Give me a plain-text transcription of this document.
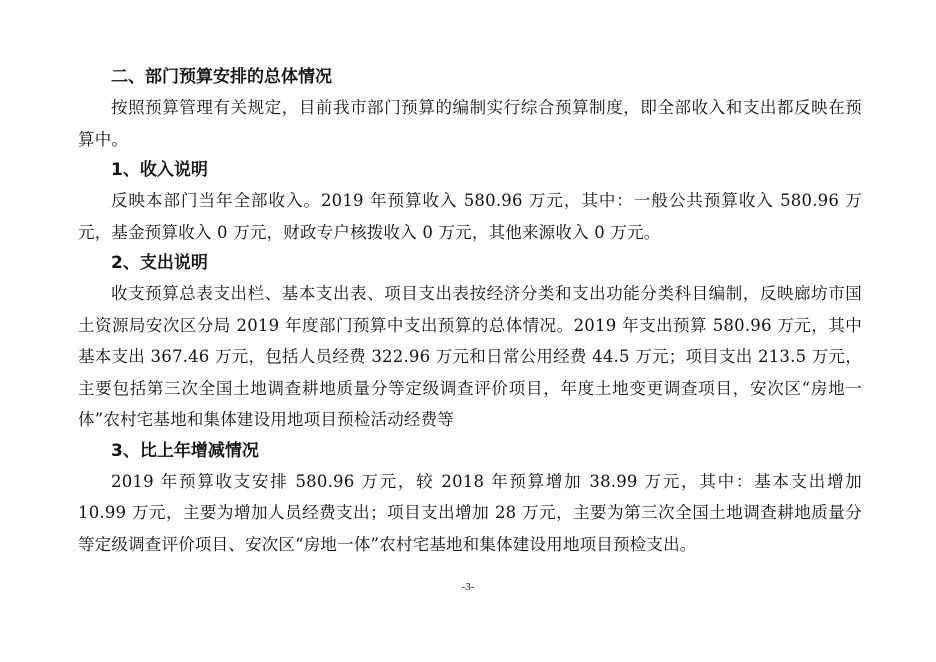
二、部门预算安排的总体情况

按照预算管理有关规定，目前我市部门预算的编制实行综合预算制度，即全部收入和支出都反映在预算中。

1、收入说明

反映本部门当年全部收入。2019 年预算收入 580.96 万元，其中：一般公共预算收入 580.96 万元，基金预算收入 0 万元，财政专户核拨收入 0 万元，其他来源收入 0 万元。

2、支出说明

收支预算总表支出栏、基本支出表、项目支出表按经济分类和支出功能分类科目编制，反映廊坊市国土资源局安次区分局 2019 年度部门预算中支出预算的总体情况。2019 年支出预算 580.96 万元，其中基本支出 367.46 万元，包括人员经费 322.96 万元和日常公用经费 44.5 万元；项目支出 213.5 万元，主要包括第三次全国土地调查耕地质量分等定级调查评价项目，年度土地变更调查项目，安次区“房地一体”农村宅基地和集体建设用地项目预检活动经费等

3、比上年增减情况

2019 年预算收支安排 580.96 万元，较 2018 年预算增加 38.99 万元，其中：基本支出增加 10.99 万元，主要为增加人员经费支出；项目支出增加 28 万元，主要为第三次全国土地调查耕地质量分等定级调查评价项目、安次区“房地一体”农村宅基地和集体建设用地项目预检支出。

-3-
